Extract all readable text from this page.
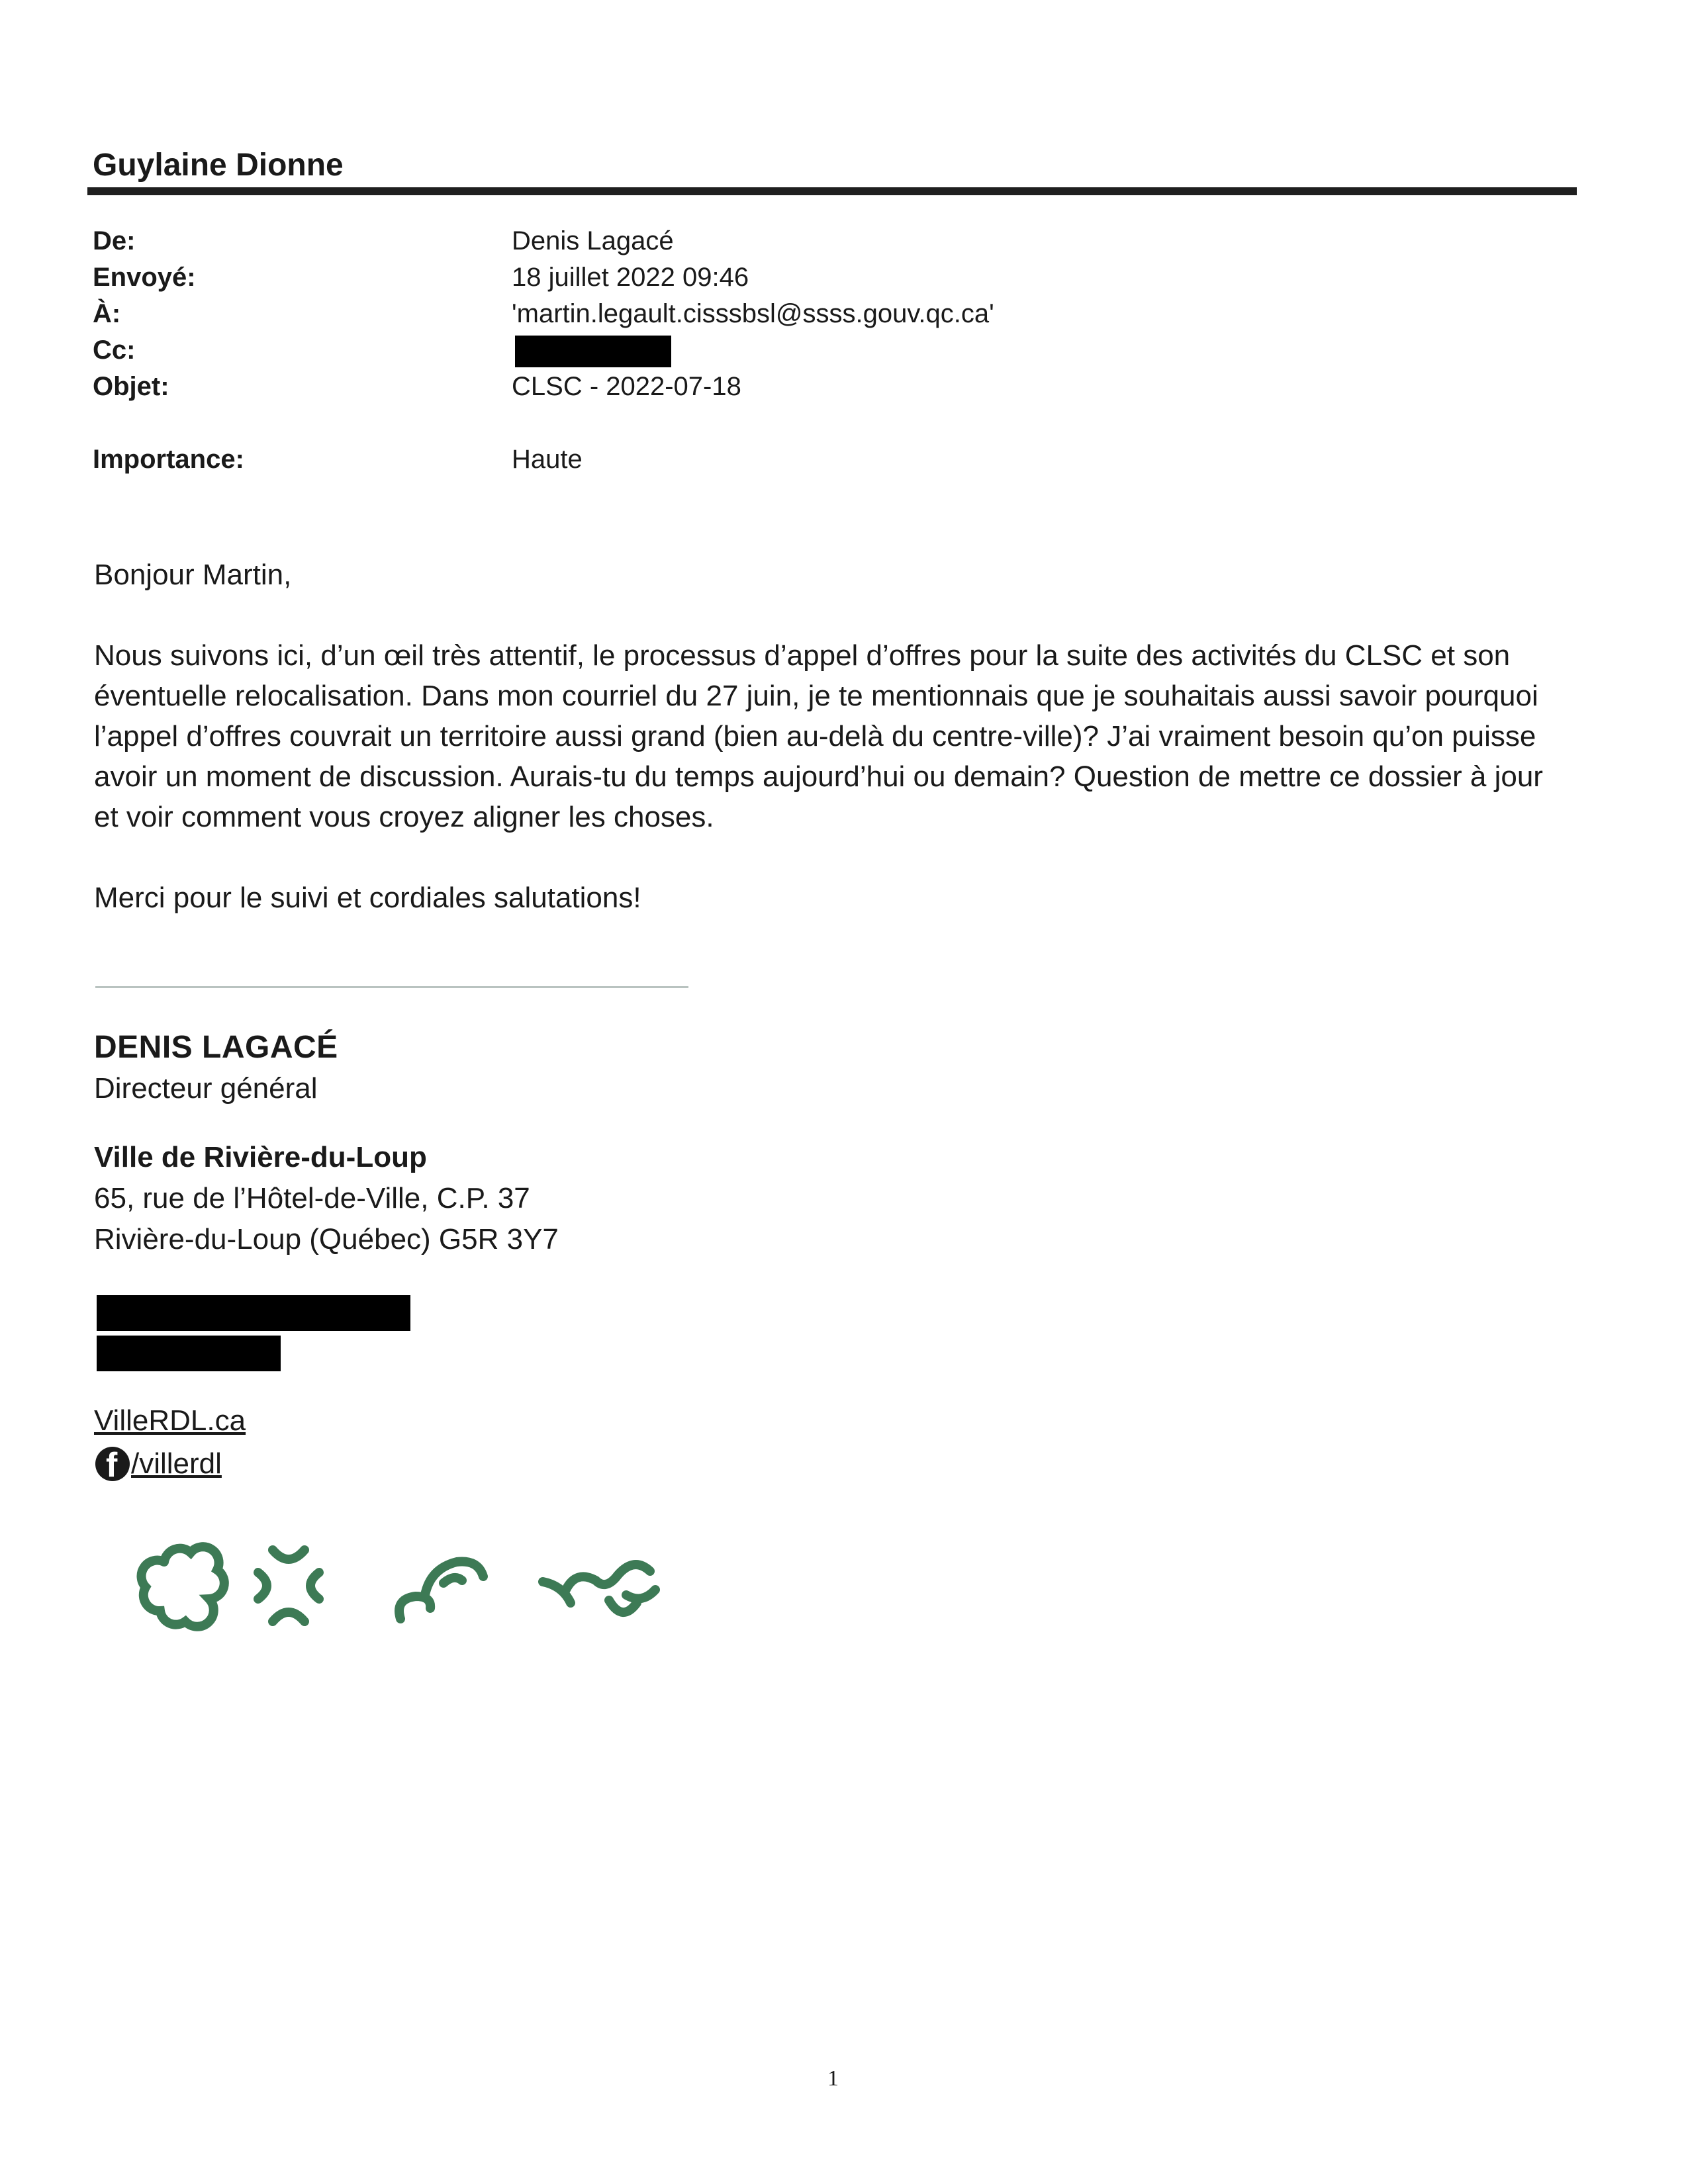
Guylaine Dionne
De:	Denis Lagacé
Envoyé:	18 juillet 2022 09:46
À:	'martin.legault.cisssbsl@ssss.gouv.qc.ca'
Cc:
Objet:	CLSC - 2022-07-18
Importance:	Haute

Bonjour Martin,

Nous suivons ici, d’un œil très attentif, le processus d’appel d’offres pour la suite des activités du CLSC et son éventuelle relocalisation. Dans mon courriel du 27 juin, je te mentionnais que je souhaitais aussi savoir pourquoi l’appel d’offres couvrait un territoire aussi grand (bien au-delà du centre-ville)? J’ai vraiment besoin qu’on puisse avoir un moment de discussion. Aurais-tu du temps aujourd’hui ou demain? Question de mettre ce dossier à jour et voir comment vous croyez aligner les choses.

Merci pour le suivi et cordiales salutations!

DENIS LAGACÉ
Directeur général
Ville de Rivière-du-Loup
65, rue de l’Hôtel-de-Ville, C.P. 37
Rivière-du-Loup (Québec) G5R 3Y7
VilleRDL.ca
f
/villerdl
1
